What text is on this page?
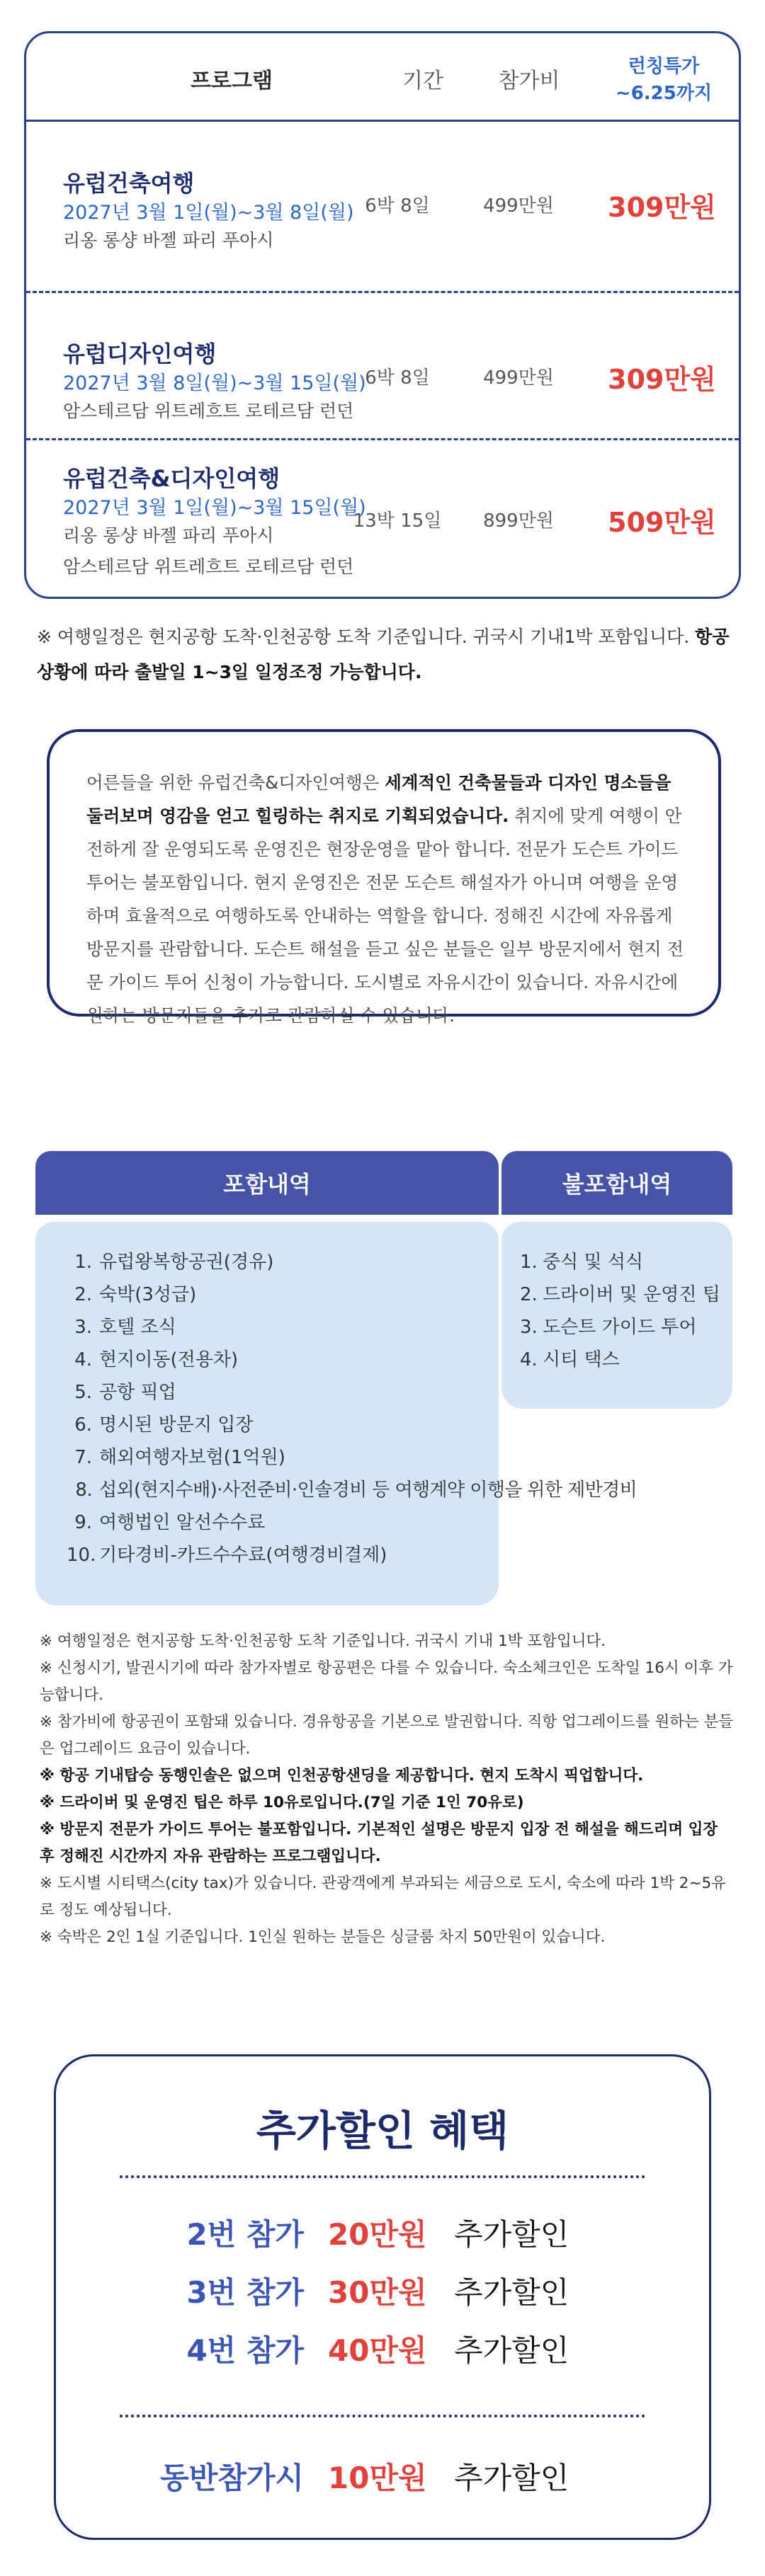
프로그램	기간	참가비
런칭특가
~6.25까지
유럽건축여행
2027년 3월 1일(월)~3월 8일(월)
리옹 롱샹 바젤 파리 푸아시
6박 8일	499만원	309만원
유럽디자인여행
2027년 3월 8일(월)~3월 15일(월)
암스테르담 위트레흐트 로테르담 런던
6박 8일	499만원	309만원
유럽건축&디자인여행
2027년 3월 1일(월)~3월 15일(월)
리옹 롱샹 바젤 파리 푸아시
암스테르담 위트레흐트 로테르담 런던
13박 15일	899만원	509만원
※ 여행일정은 현지공항 도착·인천공항 도착 기준입니다. 귀국시 기내1박 포함입니다. 항공상황에 따라 출발일 1~3일 일정조정 가능합니다.
어른들을 위한 유럽건축&디자인여행은 세계적인 건축물들과 디자인 명소들을 둘러보며 영감을 얻고 힐링하는 취지로 기획되었습니다. 취지에 맞게 여행이 안전하게 잘 운영되도록 운영진은 현장운영을 맡아 합니다. 전문가 도슨트 가이드 투어는 불포함입니다. 현지 운영진은 전문 도슨트 해설자가 아니며 여행을 운영하며 효율적으로 여행하도록 안내하는 역할을 합니다. 정해진 시간에 자유롭게 방문지를 관람합니다. 도슨트 해설을 듣고 싶은 분들은 일부 방문지에서 현지 전문 가이드 투어 신청이 가능합니다. 도시별로 자유시간이 있습니다. 자유시간에 원하는 방문지들을 추가로 관람하실 수 있습니다.
포함내역	불포함내역
1. 유럽왕복항공권(경유)
2. 숙박(3성급)
3. 호텔 조식
4. 현지이동(전용차)
5. 공항 픽업
6. 명시된 방문지 입장
7. 해외여행자보험(1억원)
8. 섭외(현지수배)·사전준비·인솔경비 등 여행계약 이행을 위한 제반경비
9. 여행법인 알선수수료
10. 기타경비-카드수수료(여행경비결제)
1. 중식 및 석식
2. 드라이버 및 운영진 팁
3. 도슨트 가이드 투어
4. 시티 택스
※ 여행일정은 현지공항 도착·인천공항 도착 기준입니다. 귀국시 기내 1박 포함입니다.
※ 신청시기, 발권시기에 따라 참가자별로 항공편은 다를 수 있습니다. 숙소체크인은 도착일 16시 이후 가능합니다.
※ 참가비에 항공권이 포함돼 있습니다. 경유항공을 기본으로 발권합니다. 직항 업그레이드를 원하는 분들은 업그레이드 요금이 있습니다.
※ 항공 기내탑승 동행인솔은 없으며 인천공항샌딩을 제공합니다. 현지 도착시 픽업합니다.
※ 드라이버 및 운영진 팁은 하루 10유로입니다.(7일 기준 1인 70유로)
※ 방문지 전문가 가이드 투어는 불포함입니다. 기본적인 설명은 방문지 입장 전 해설을 해드리며 입장 후 정해진 시간까지 자유 관람하는 프로그램입니다.
※ 도시별 시티택스(city tax)가 있습니다. 관광객에게 부과되는 세금으로 도시, 숙소에 따라 1박 2~5유로 정도 예상됩니다.
※ 숙박은 2인 1실 기준입니다. 1인실 원하는 분들은 싱글룸 차지 50만원이 있습니다.
추가할인 혜택
2번 참가 20만원 추가할인
3번 참가 30만원 추가할인
4번 참가 40만원 추가할인
동반참가시 10만원 추가할인
